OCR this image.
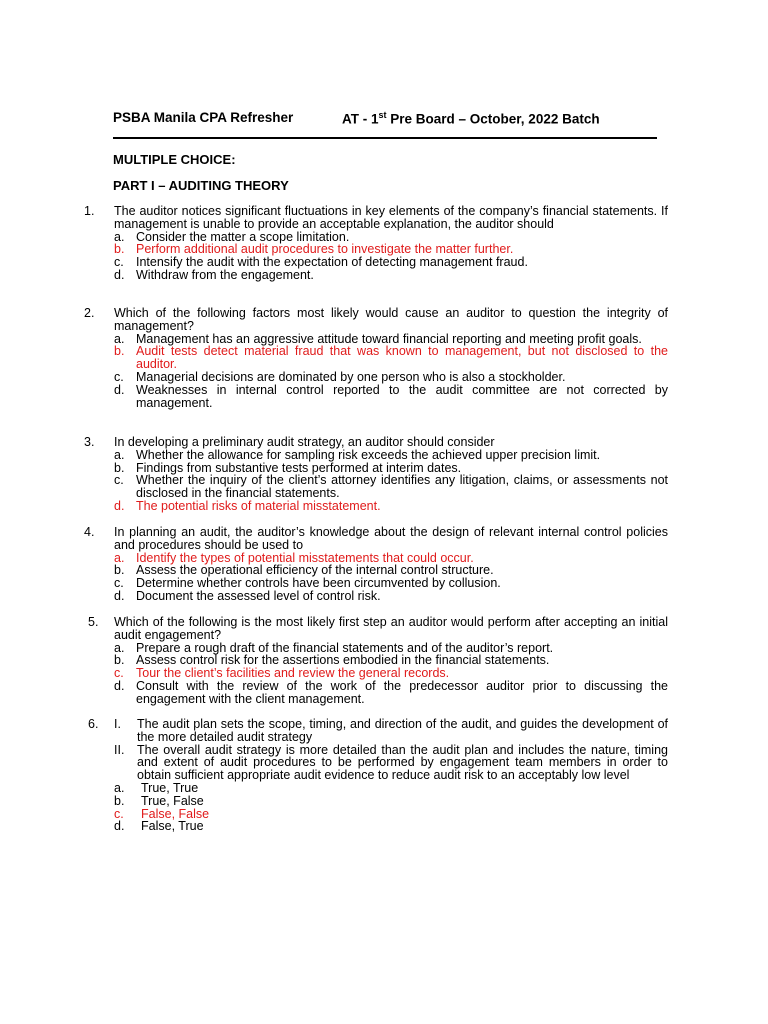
PSBA Manila CPA Refresher	AT - 1st Pre Board – October, 2022 Batch
MULTIPLE CHOICE:
PART I – AUDITING THEORY
1. The auditor notices significant fluctuations in key elements of the company’s financial statements. If management is unable to provide an acceptable explanation, the auditor should
a. Consider the matter a scope limitation.
b. Perform additional audit procedures to investigate the matter further.
c. Intensify the audit with the expectation of detecting management fraud.
d. Withdraw from the engagement.
2. Which of the following factors most likely would cause an auditor to question the integrity of management?
a. Management has an aggressive attitude toward financial reporting and meeting profit goals.
b. Audit tests detect material fraud that was known to management, but not disclosed to the auditor.
c. Managerial decisions are dominated by one person who is also a stockholder.
d. Weaknesses in internal control reported to the audit committee are not corrected by management.
3. In developing a preliminary audit strategy, an auditor should consider
a. Whether the allowance for sampling risk exceeds the achieved upper precision limit.
b. Findings from substantive tests performed at interim dates.
c. Whether the inquiry of the client’s attorney identifies any litigation, claims, or assessments not disclosed in the financial statements.
d. The potential risks of material misstatement.
4. In planning an audit, the auditor’s knowledge about the design of relevant internal control policies and procedures should be used to
a. Identify the types of potential misstatements that could occur.
b. Assess the operational efficiency of the internal control structure.
c. Determine whether controls have been circumvented by collusion.
d. Document the assessed level of control risk.
5. Which of the following is the most likely first step an auditor would perform after accepting an initial audit engagement?
a. Prepare a rough draft of the financial statements and of the auditor’s report.
b. Assess control risk for the assertions embodied in the financial statements.
c. Tour the client’s facilities and review the general records.
d. Consult with the review of the work of the predecessor auditor prior to discussing the engagement with the client management.
6. I. The audit plan sets the scope, timing, and direction of the audit, and guides the development of the more detailed audit strategy
II. The overall audit strategy is more detailed than the audit plan and includes the nature, timing and extent of audit procedures to be performed by engagement team members in order to obtain sufficient appropriate audit evidence to reduce audit risk to an acceptably low level
a. True, True
b. True, False
c. False, False
d. False, True
